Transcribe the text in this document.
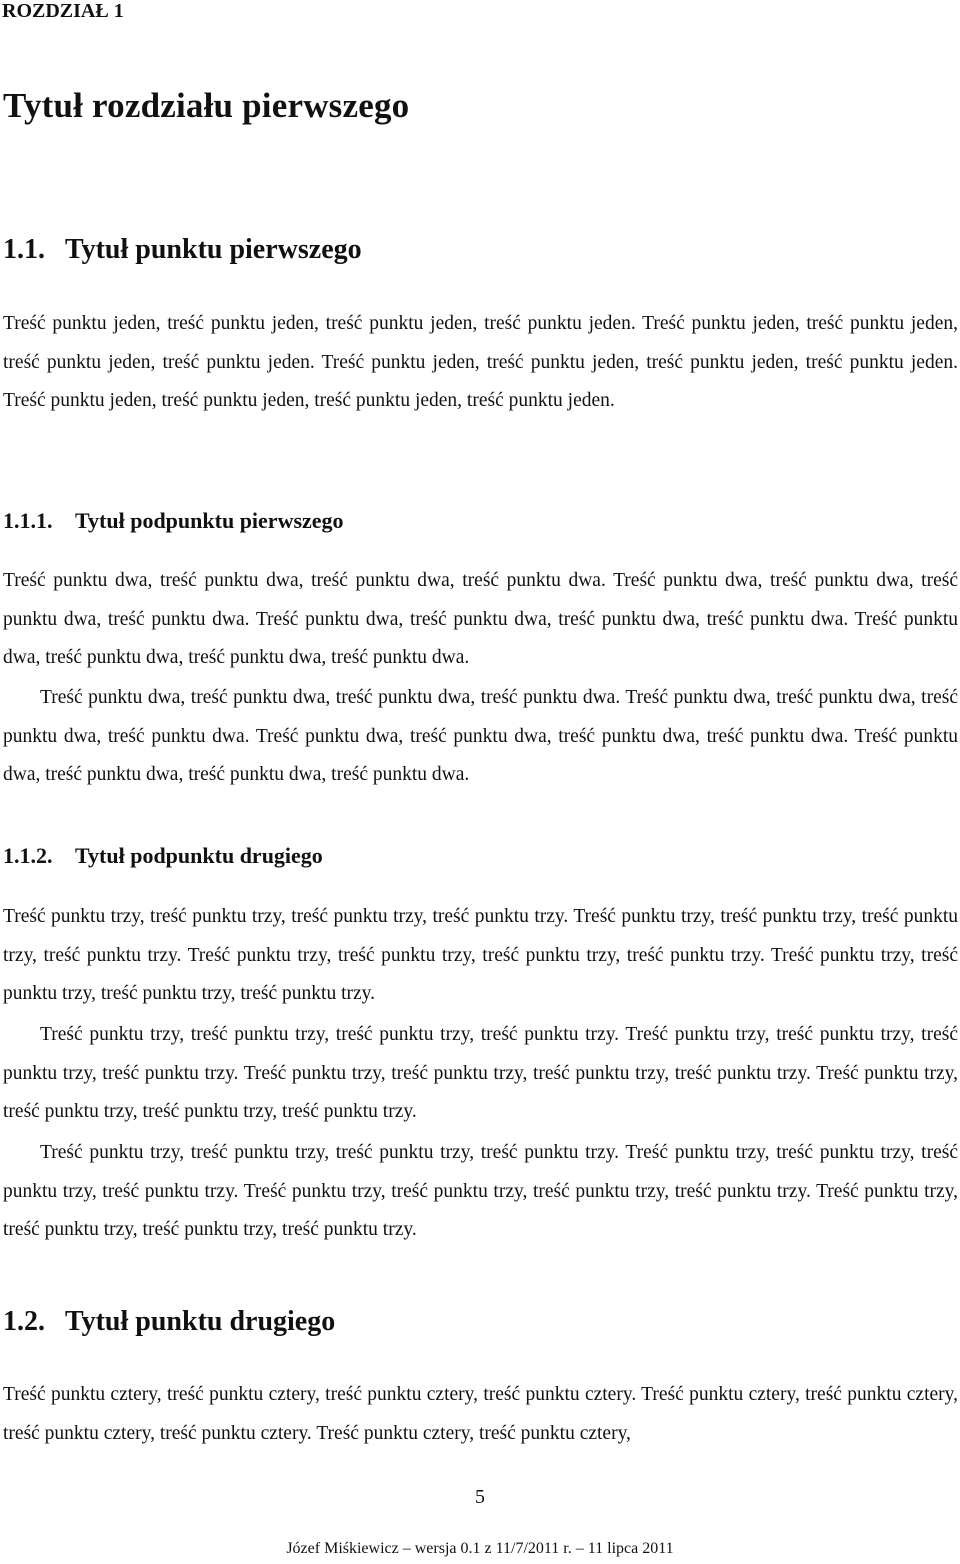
ROZDZIAŁ 1
Tytuł rozdziału pierwszego
1.1. Tytuł punktu pierwszego
Treść punktu jeden, treść punktu jeden, treść punktu jeden, treść punktu jeden. Treść punktu jeden, treść punktu jeden, treść punktu jeden, treść punktu jeden. Treść punktu jeden, treść punktu jeden, treść punktu jeden, treść punktu jeden. Treść punktu jeden, treść punktu jeden, treść punktu jeden, treść punktu jeden.
1.1.1. Tytuł podpunktu pierwszego
Treść punktu dwa, treść punktu dwa, treść punktu dwa, treść punktu dwa. Treść punktu dwa, treść punktu dwa, treść punktu dwa, treść punktu dwa. Treść punktu dwa, treść punktu dwa, treść punktu dwa, treść punktu dwa. Treść punktu dwa, treść punktu dwa, treść punktu dwa, treść punktu dwa.
Treść punktu dwa, treść punktu dwa, treść punktu dwa, treść punktu dwa. Treść punktu dwa, treść punktu dwa, treść punktu dwa, treść punktu dwa. Treść punktu dwa, treść punktu dwa, treść punktu dwa, treść punktu dwa. Treść punktu dwa, treść punktu dwa, treść punktu dwa, treść punktu dwa.
1.1.2. Tytuł podpunktu drugiego
Treść punktu trzy, treść punktu trzy, treść punktu trzy, treść punktu trzy. Treść punktu trzy, treść punktu trzy, treść punktu trzy, treść punktu trzy. Treść punktu trzy, treść punktu trzy, treść punktu trzy, treść punktu trzy. Treść punktu trzy, treść punktu trzy, treść punktu trzy, treść punktu trzy.
Treść punktu trzy, treść punktu trzy, treść punktu trzy, treść punktu trzy. Treść punktu trzy, treść punktu trzy, treść punktu trzy, treść punktu trzy. Treść punktu trzy, treść punktu trzy, treść punktu trzy, treść punktu trzy. Treść punktu trzy, treść punktu trzy, treść punktu trzy, treść punktu trzy.
Treść punktu trzy, treść punktu trzy, treść punktu trzy, treść punktu trzy. Treść punktu trzy, treść punktu trzy, treść punktu trzy, treść punktu trzy. Treść punktu trzy, treść punktu trzy, treść punktu trzy, treść punktu trzy. Treść punktu trzy, treść punktu trzy, treść punktu trzy, treść punktu trzy.
1.2. Tytuł punktu drugiego
Treść punktu cztery, treść punktu cztery, treść punktu cztery, treść punktu cztery. Treść punktu cztery, treść punktu cztery, treść punktu cztery, treść punktu cztery. Treść punktu cztery, treść punktu cztery,
5
Józef Miśkiewicz – wersja 0.1 z 11/7/2011 r. – 11 lipca 2011
